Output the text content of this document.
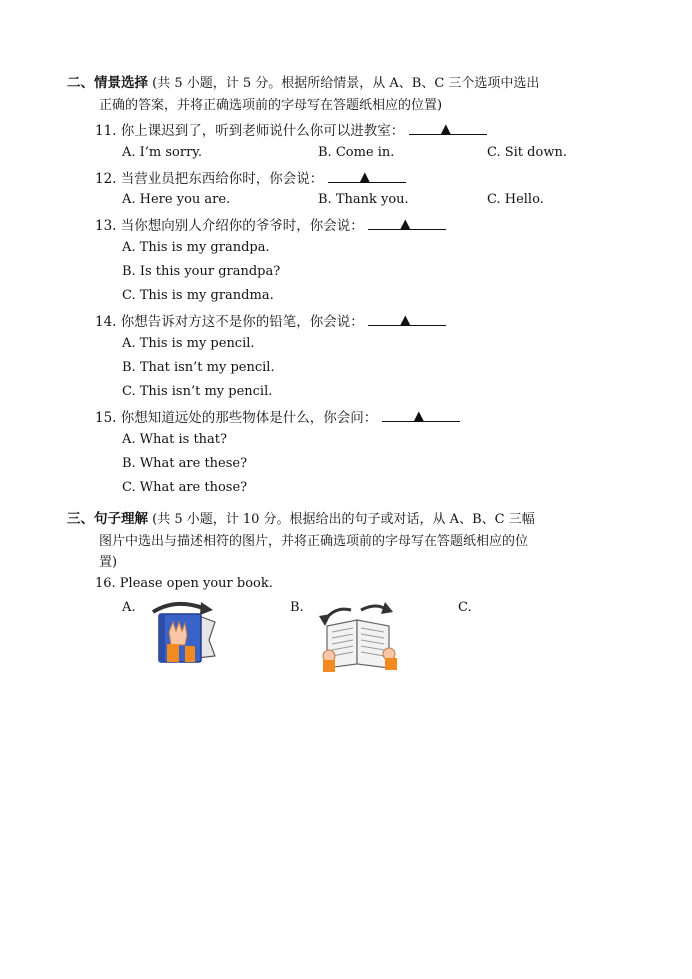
二、情景选择 (共 5 小题，计 5 分。根据所给情景，从 A、B、C 三个选项中选出
正确的答案，并将正确选项前的字母写在答题纸相应的位置)
11. 你上课迟到了，听到老师说什么你可以进教室：	▲
A. I’m sorry.	B. Come in.	C. Sit down.
12. 当营业员把东西给你时，你会说：	▲
A. Here you are.	B. Thank you.	C. Hello.
13. 当你想向别人介绍你的爷爷时，你会说：	▲
A. This is my grandpa.
B. Is this your grandpa?
C. This is my grandma.
14. 你想告诉对方这不是你的铅笔，你会说：	▲
A. This is my pencil.
B. That isn’t my pencil.
C. This isn’t my pencil.
15. 你想知道远处的那些物体是什么，你会问：	▲
A. What is that?
B. What are these?
C. What are those?
三、句子理解 (共 5 小题，计 10 分。根据给出的句子或对话，从 A、B、C 三幅
图片中选出与描述相符的图片，并将正确选项前的字母写在答题纸相应的位
置)
16. Please open your book.
A.	B.	C.
